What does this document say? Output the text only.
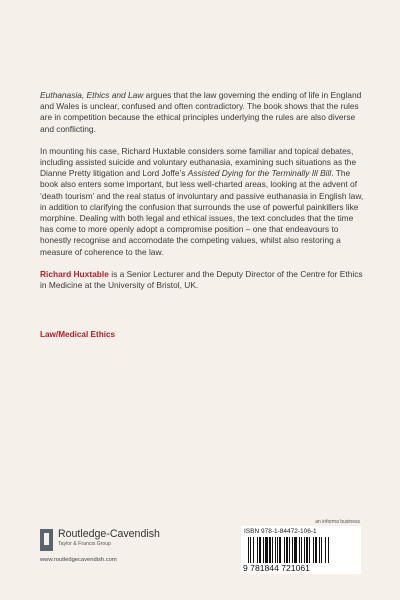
Euthanasia, Ethics and Law argues that the law governing the ending of life in England and Wales is unclear, confused and often contradictory. The book shows that the rules are in competition because the ethical principles underlying the rules are also diverse and conflicting.

In mounting his case, Richard Huxtable considers some familiar and topical debates, including assisted suicide and voluntary euthanasia, examining such situations as the Dianne Pretty litigation and Lord Joffe’s Assisted Dying for the Terminally Ill Bill. The book also enters some important, but less well-charted areas, looking at the advent of ‘death tourism’ and the real status of involuntary and passive euthanasia in English law, in addition to clarifying the confusion that surrounds the use of powerful painkillers like morphine. Dealing with both legal and ethical issues, the text concludes that the time has come to more openly adopt a compromise position – one that endeavours to honestly recognise and accomodate the competing values, whilst also restoring a measure of coherence to the law.

Richard Huxtable is a Senior Lecturer and the Deputy Director of the Centre for Ethics in Medicine at the University of Bristol, UK.

Law/Medical Ethics
Routledge-Cavendish
Taylor & Francis Group
www.routledgecavendish.com
an informa business
ISBN 978-1-84472-106-1
9 781844 721061
